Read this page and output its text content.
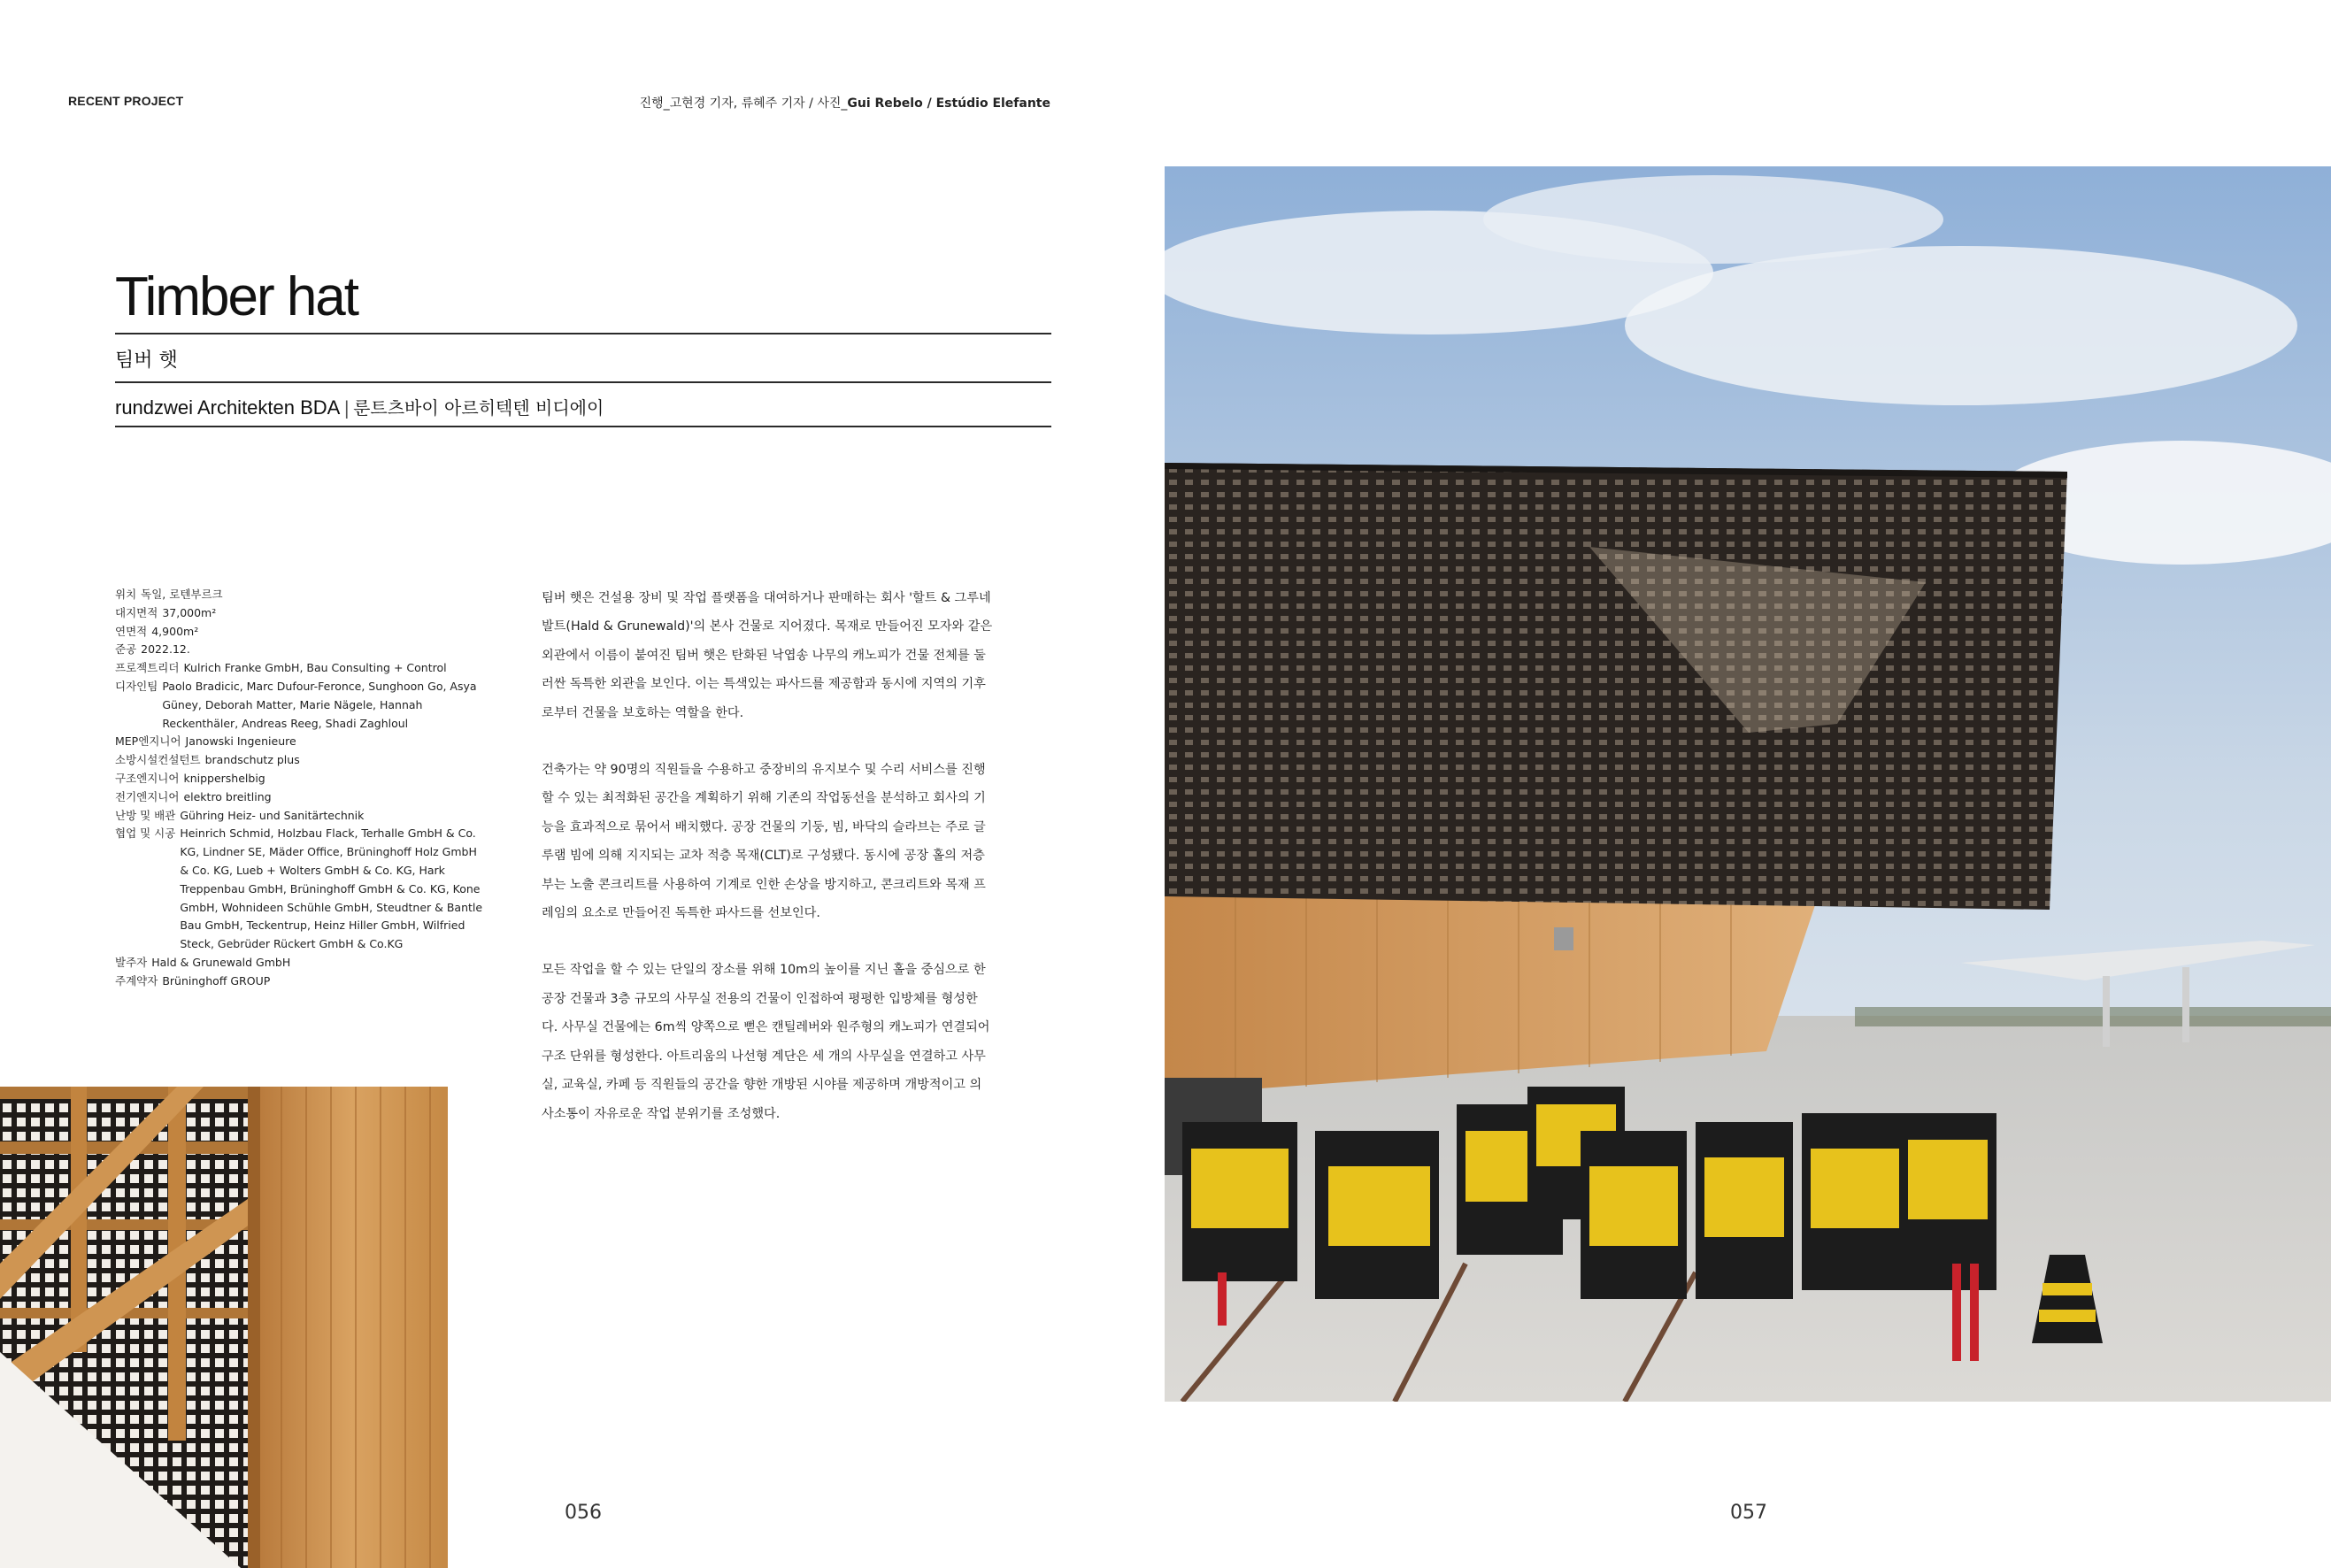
RECENT PROJECT	진행_고현경 기자, 류혜주 기자 / 사진_Gui Rebelo / Estúdio Elefante
Timber hat
팀버 햇
rundzwei Architekten BDA | 룬트츠바이 아르히텍텐 비디에이
위치 독일, 로텐부르크
대지면적 37,000m²
연면적 4,900m²
준공 2022.12.
프로젝트리더 Kulrich Franke GmbH, Bau Consulting + Control
디자인팀 Paolo Bradicic, Marc Dufour-Feronce, Sunghoon Go, Asya Güney, Deborah Matter, Marie Nägele, Hannah Reckenthäler, Andreas Reeg, Shadi Zaghloul
MEP엔지니어 Janowski Ingenieure
소방시설컨설턴트 brandschutz plus
구조엔지니어 knippershelbig
전기엔지니어 elektro breitling
난방 및 배관 Gühring Heiz- und Sanitärtechnik
협업 및 시공 Heinrich Schmid, Holzbau Flack, Terhalle GmbH & Co. KG, Lindner SE, Mäder Office, Brüninghoff Holz GmbH & Co. KG, Lueb + Wolters GmbH & Co. KG, Hark Treppenbau GmbH, Brüninghoff GmbH & Co. KG, Kone GmbH, Wohnideen Schühle GmbH, Steudtner & Bantle Bau GmbH, Teckentrup, Heinz Hiller GmbH, Wilfried Steck, Gebrüder Rückert GmbH & Co.KG
발주자 Hald & Grunewald GmbH
주계약자 Brüninghoff GROUP

팀버 햇은 건설용 장비 및 작업 플랫폼을 대여하거나 판매하는 회사 '할트 & 그루네발트(Hald & Grunewald)'의 본사 건물로 지어졌다. 목재로 만들어진 모자와 같은 외관에서 이름이 붙여진 팀버 햇은 탄화된 낙엽송 나무의 캐노피가 건물 전체를 둘러싼 독특한 외관을 보인다. 이는 특색있는 파사드를 제공함과 동시에 지역의 기후로부터 건물을 보호하는 역할을 한다.

건축가는 약 90명의 직원들을 수용하고 중장비의 유지보수 및 수리 서비스를 진행할 수 있는 최적화된 공간을 계획하기 위해 기존의 작업동선을 분석하고 회사의 기능을 효과적으로 묶어서 배치했다. 공장 건물의 기둥, 빔, 바닥의 슬라브는 주로 글루램 빔에 의해 지지되는 교차 적층 목재(CLT)로 구성됐다. 동시에 공장 홀의 저층부는 노출 콘크리트를 사용하여 기계로 인한 손상을 방지하고, 콘크리트와 목재 프레임의 요소로 만들어진 독특한 파사드를 선보인다.

모든 작업을 할 수 있는 단일의 장소를 위해 10m의 높이를 지닌 홀을 중심으로 한 공장 건물과 3층 규모의 사무실 전용의 건물이 인접하여 평평한 입방체를 형성한다. 사무실 건물에는 6m씩 양쪽으로 뻗은 캔틸레버와 원주형의 캐노피가 연결되어 구조 단위를 형성한다. 아트리움의 나선형 계단은 세 개의 사무실을 연결하고 사무실, 교육실, 카페 등 직원들의 공간을 향한 개방된 시야를 제공하며 개방적이고 의사소통이 자유로운 작업 분위기를 조성했다.

056	057
